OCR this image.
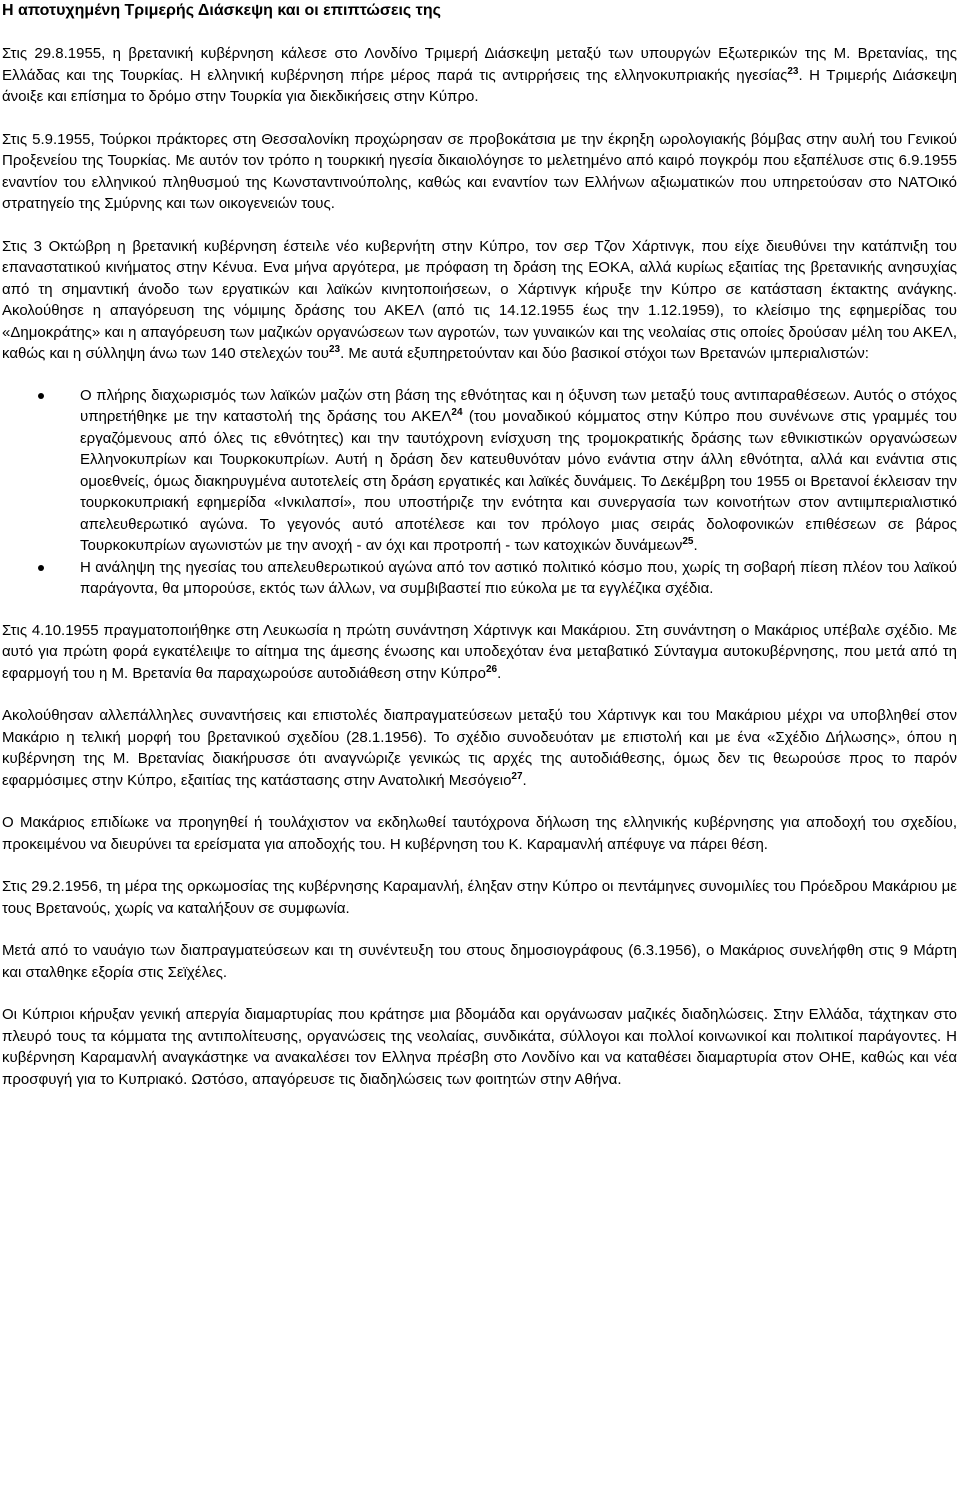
Η αποτυχημένη Τριμερής Διάσκεψη και οι επιπτώσεις της

Στις 29.8.1955, η βρετανική κυβέρνηση κάλεσε στο Λονδίνο Τριμερή Διάσκεψη μεταξύ των υπουργών Εξωτερικών της Μ. Βρετανίας, της Ελλάδας και της Τουρκίας. Η ελληνική κυβέρνηση πήρε μέρος παρά τις αντιρρήσεις της ελληνοκυπριακής ηγεσίας$^{23}$. Η Τριμερής Διάσκεψη άνοιξε και επίσημα το δρόμο στην Τουρκία για διεκδικήσεις στην Κύπρο.

Στις 5.9.1955, Τούρκοι πράκτορες στη Θεσσαλονίκη προχώρησαν σε προβοκάτσια με την έκρηξη ωρολογιακής βόμβας στην αυλή του Γενικού Προξενείου της Τουρκίας. Με αυτόν τον τρόπο η τουρκική ηγεσία δικαιολόγησε το μελετημένο από καιρό πογκρόμ που εξαπέλυσε στις 6.9.1955 εναντίον του ελληνικού πληθυσμού της Κωνσταντινούπολης, καθώς και εναντίον των Ελλήνων αξιωματικών που υπηρετούσαν στο ΝΑΤΟικό στρατηγείο της Σμύρνης και των οικογενειών τους.

Στις 3 Οκτώβρη η βρετανική κυβέρνηση έστειλε νέο κυβερνήτη στην Κύπρο, τον σερ Τζον Χάρτινγκ, που είχε διευθύνει την κατάπνιξη του επαναστατικού κινήματος στην Κένυα. Ενα μήνα αργότερα, με πρόφαση τη δράση της ΕΟΚΑ, αλλά κυρίως εξαιτίας της βρετανικής ανησυχίας από τη σημαντική άνοδο των εργατικών και λαϊκών κινητοποιήσεων, ο Χάρτινγκ κήρυξε την Κύπρο σε κατάσταση έκτακτης ανάγκης. Ακολούθησε η απαγόρευση της νόμιμης δράσης του ΑΚΕΛ (από τις 14.12.1955 έως την 1.12.1959), το κλείσιμο της εφημερίδας του «Δημοκράτης» και η απαγόρευση των μαζικών οργανώσεων των αγροτών, των γυναικών και της νεολαίας στις οποίες δρούσαν μέλη του ΑΚΕΛ, καθώς και η σύλληψη άνω των 140 στελεχών του$^{23}$. Με αυτά εξυπηρετούνταν και δύο βασικοί στόχοι των Βρετανών ιμπεριαλιστών:

Ο πλήρης διαχωρισμός των λαϊκών μαζών στη βάση της εθνότητας και η όξυνση των μεταξύ τους αντιπαραθέσεων. Αυτός ο στόχος υπηρετήθηκε με την καταστολή της δράσης του ΑΚΕΛ$^{24}$ (του μοναδικού κόμματος στην Κύπρο που συνένωνε στις γραμμές του εργαζόμενους από όλες τις εθνότητες) και την ταυτόχρονη ενίσχυση της τρομοκρατικής δράσης των εθνικιστικών οργανώσεων Ελληνοκυπρίων και Τουρκοκυπρίων. Αυτή η δράση δεν κατευθυνόταν μόνο ενάντια στην άλλη εθνότητα, αλλά και ενάντια στις ομοεθνείς, όμως διακηρυγμένα αυτοτελείς στη δράση εργατικές και λαϊκές δυνάμεις. Το Δεκέμβρη του 1955 οι Βρετανοί έκλεισαν την τουρκοκυπριακή εφημερίδα «Ινκιλαπσί», που υποστήριζε την ενότητα και συνεργασία των κοινοτήτων στον αντιιμπεριαλιστικό απελευθερωτικό αγώνα. Το γεγονός αυτό αποτέλεσε και τον πρόλογο μιας σειράς δολοφονικών επιθέσεων σε βάρος Τουρκοκυπρίων αγωνιστών με την ανοχή - αν όχι και προτροπή - των κατοχικών δυνάμεων$^{25}$.
Η ανάληψη της ηγεσίας του απελευθερωτικού αγώνα από τον αστικό πολιτικό κόσμο που, χωρίς τη σοβαρή πίεση πλέον του λαϊκού παράγοντα, θα μπορούσε, εκτός των άλλων, να συμβιβαστεί πιο εύκολα με τα εγγλέζικα σχέδια.

Στις 4.10.1955 πραγματοποιήθηκε στη Λευκωσία η πρώτη συνάντηση Χάρτινγκ και Μακάριου. Στη συνάντηση ο Μακάριος υπέβαλε σχέδιο. Με αυτό για πρώτη φορά εγκατέλειψε το αίτημα της άμεσης ένωσης και υποδεχόταν ένα μεταβατικό Σύνταγμα αυτοκυβέρνησης, που μετά από τη εφαρμογή του η Μ. Βρετανία θα παραχωρούσε αυτοδιάθεση στην Κύπρο$^{26}$.

Ακολούθησαν αλλεπάλληλες συναντήσεις και επιστολές διαπραγματεύσεων μεταξύ του Χάρτινγκ και του Μακάριου μέχρι να υποβληθεί στον Μακάριο η τελική μορφή του βρετανικού σχεδίου (28.1.1956). Το σχέδιο συνοδευόταν με επιστολή και με ένα «Σχέδιο Δήλωσης», όπου η κυβέρνηση της Μ. Βρετανίας διακήρυσσε ότι αναγνώριζε γενικώς τις αρχές της αυτοδιάθεσης, όμως δεν τις θεωρούσε πρoς το παρόν εφαρμόσιμες στην Κύπρο, εξαιτίας της κατάστασης στην Ανατολική Μεσόγειο$^{27}$.

Ο Μακάριος επιδίωκε να προηγηθεί ή τουλάχιστον να εκδηλωθεί ταυτόχρονα δήλωση της ελληνικής κυβέρνησης για αποδοχή του σχεδίου, προκειμένου να διευρύνει τα ερείσματα για αποδοχής του. Η κυβέρνηση του Κ. Καραμανλή απέφυγε να πάρει θέση.

Στις 29.2.1956, τη μέρα της ορκωμοσίας της κυβέρνησης Καραμανλή, έληξαν στην Κύπρο οι πεντάμηνες συνομιλίες του Πρόεδρου Μακάριου με τους Βρετανούς, χωρίς να καταλήξουν σε συμφωνία.

Μετά από το ναυάγιο των διαπραγματεύσεων και τη συνέντευξη του στους δημοσιογράφους (6.3.1956), ο Μακάριος συνελήφθη στις 9 Μάρτη και σταλθηκε εξορία στις Σεϊχέλες.

Οι Κύπριοι κήρυξαν γενική απεργία διαμαρτυρίας που κράτησε μια βδομάδα και οργάνωσαν μαζικές διαδηλώσεις. Στην Ελλάδα, τάχτηκαν στο πλευρό τους τα κόμματα της αντιπολίτευσης, οργανώσεις της νεολαίας, συνδικάτα, σύλλογοι και πολλοί κοινωνικοί και πολιτικοί παράγοντες. Η κυβέρνηση Καραμανλή αναγκάστηκε να ανακαλέσει τον Ελληνα πρέσβη στο Λονδίνο και να καταθέσει διαμαρτυρία στον ΟΗΕ, καθώς και νέα προσφυγή για το Κυπριακό. Ωστόσο, απαγόρευσε τις διαδηλώσεις των φοιτητών στην Αθήνα.
